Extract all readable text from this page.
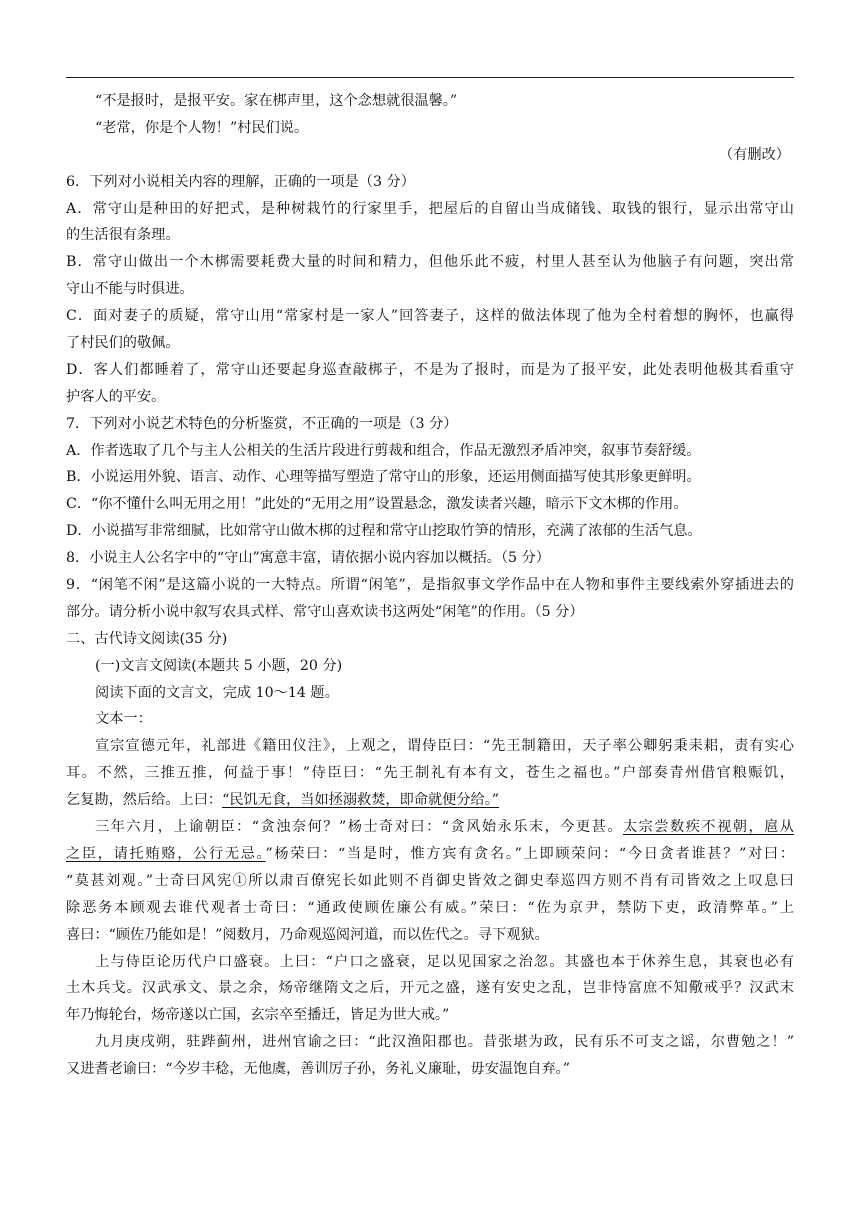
“不是报时，是报平安。家在梆声里，这个念想就很温馨。”
“老常，你是个人物！”村民们说。
（有删改）
6．下列对小说相关内容的理解，正确的一项是（3 分）
A．常守山是种田的好把式，是种树栽竹的行家里手，把屋后的自留山当成储钱、取钱的银行，显示出常守山
的生活很有条理。
B．常守山做出一个木梆需要耗费大量的时间和精力，但他乐此不疲，村里人甚至认为他脑子有问题，突出常
守山不能与时俱进。
C．面对妻子的质疑，常守山用“常家村是一家人”回答妻子，这样的做法体现了他为全村着想的胸怀，也赢得
了村民们的敬佩。
D．客人们都睡着了，常守山还要起身巡查敲梆子，不是为了报时，而是为了报平安，此处表明他极其看重守
护客人的平安。
7．下列对小说艺术特色的分析鉴赏，不正确的一项是（3 分）
A．作者选取了几个与主人公相关的生活片段进行剪裁和组合，作品无激烈矛盾冲突，叙事节奏舒缓。
B．小说运用外貌、语言、动作、心理等描写塑造了常守山的形象，还运用侧面描写使其形象更鲜明。
C．“你不懂什么叫无用之用！”此处的“无用之用”设置悬念，激发读者兴趣，暗示下文木梆的作用。
D．小说描写非常细腻，比如常守山做木梆的过程和常守山挖取竹笋的情形，充满了浓郁的生活气息。
8．小说主人公名字中的“守山”寓意丰富，请依据小说内容加以概括。（5 分）
9．“闲笔不闲”是这篇小说的一大特点。所谓“闲笔”，是指叙事文学作品中在人物和事件主要线索外穿插进去的
部分。请分析小说中叙写农具式样、常守山喜欢读书这两处“闲笔”的作用。（5 分）
二、古代诗文阅读(35 分)
(一)文言文阅读(本题共 5 小题，20 分)
阅读下面的文言文，完成 10～14 题。
文本一：
宣宗宣德元年，礼部进《籍田仪注》，上观之，谓侍臣曰：“先王制籍田，天子率公卿躬秉耒耜，责有实心
耳。不然，三推五推，何益于事！”侍臣曰：“先王制礼有本有文，苍生之福也。”户部奏青州借官粮赈饥，
乞复勘，然后给。上曰：“民饥无食，当如拯溺救焚，即命就便分给。”
三年六月，上谕朝臣：“贪浊奈何？”杨士奇对曰：“贪风始永乐末，今更甚。太宗尝数疾不视朝，扈从
之臣，请托贿赂，公行无忌。”杨荣曰：“当是时，惟方宾有贪名。”上即顾荣问：“今日贪者谁甚？”对曰：
“莫甚刘观。”士奇曰风宪①所以肃百僚宪长如此则不肖御史皆效之御史奉巡四方则不肖有司皆效之上叹息曰
除恶务本顾观去谁代观者士奇曰：“通政使顾佐廉公有威。”荣曰：“佐为京尹，禁防下吏，政清弊革。”上
喜曰：“顾佐乃能如是！”阅数月，乃命观巡阅河道，而以佐代之。寻下观狱。
上与侍臣论历代户口盛衰。上曰：“户口之盛衰，足以见国家之治忽。其盛也本于休养生息，其衰也必有
土木兵戈。汉武承文、景之余，炀帝继隋文之后，开元之盛，遂有安史之乱，岂非恃富庶不知儆戒乎？汉武末
年乃悔轮台，炀帝遂以亡国，玄宗卒至播迁，皆足为世大戒。”
九月庚戌朔，驻跸蓟州，进州官谕之曰：“此汉渔阳郡也。昔张堪为政，民有乐不可支之谣，尔曹勉之！”
又进耆老谕曰：“今岁丰稔，无他虞，善训厉子孙，务礼义廉耻，毋安温饱自弃。”
